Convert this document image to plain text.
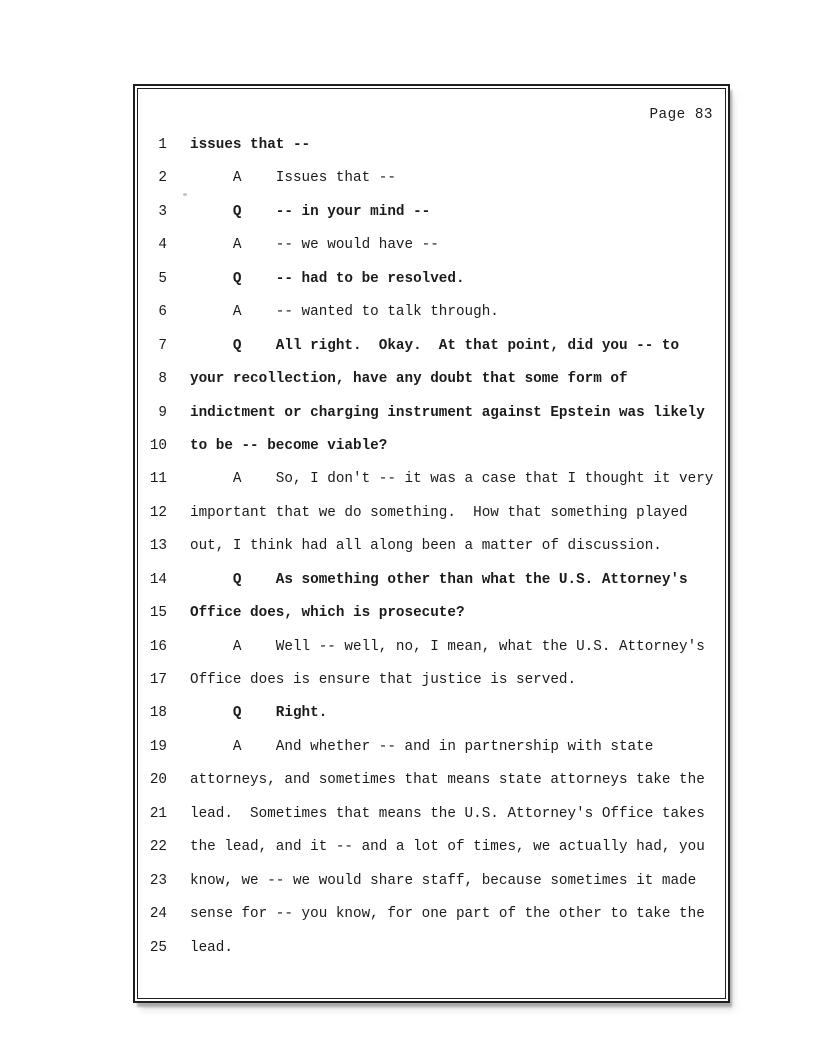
Page 83
1	issues that --
2	A    Issues that --
3	Q    -- in your mind --
4	A    -- we would have --
5	Q    -- had to be resolved.
6	A    -- wanted to talk through.
7	Q    All right.  Okay.  At that point, did you -- to
8	your recollection, have any doubt that some form of
9	indictment or charging instrument against Epstein was likely
10	to be -- become viable?
11	A    So, I don't -- it was a case that I thought it very
12	important that we do something.  How that something played
13	out, I think had all along been a matter of discussion.
14	Q    As something other than what the U.S. Attorney's
15	Office does, which is prosecute?
16	A    Well -- well, no, I mean, what the U.S. Attorney's
17	Office does is ensure that justice is served.
18	Q    Right.
19	A    And whether -- and in partnership with state
20	attorneys, and sometimes that means state attorneys take the
21	lead.  Sometimes that means the U.S. Attorney's Office takes
22	the lead, and it -- and a lot of times, we actually had, you
23	know, we -- we would share staff, because sometimes it made
24	sense for -- you know, for one part of the other to take the
25	lead.
